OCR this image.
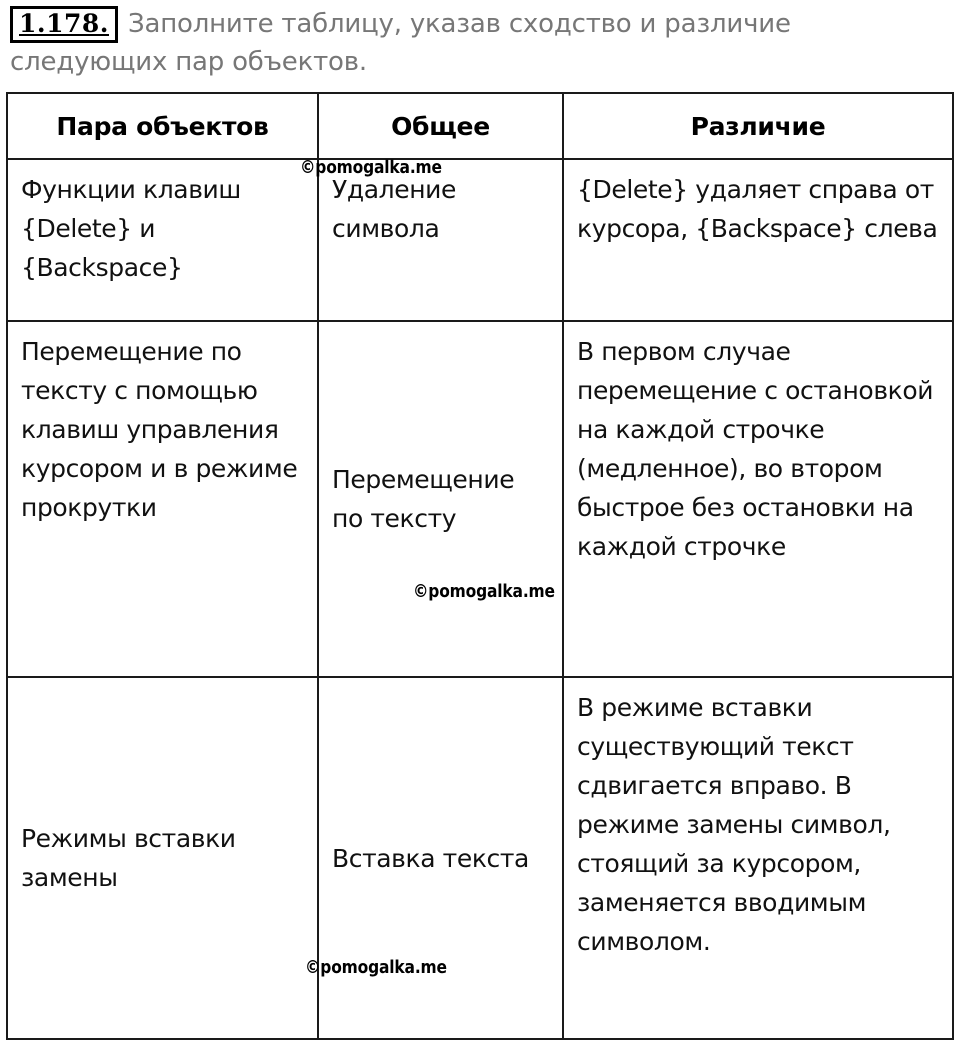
1.178. Заполните таблицу, указав сходство и различие
следующих пар объектов.
Пара объектов	Общее	Различие

Функции клавиш {Delete} и {Backspace}	Удаление символа	{Delete} удаляет справа от курсора, {Backspace} слева

Перемещение по тексту с помощью клавиш управления курсором и в режиме прокрутки	Перемещение по тексту	В первом случае перемещение с остановкой на каждой строчке (медленное), во втором быстрое без остановки на каждой строчке

Режимы вставки замены	Вставка текста	В режиме вставки существующий текст сдвигается вправо. В режиме замены символ, стоящий за курсором, заменяется вводимым символом.
©pomogalka.me
©pomogalka.me
©pomogalka.me
